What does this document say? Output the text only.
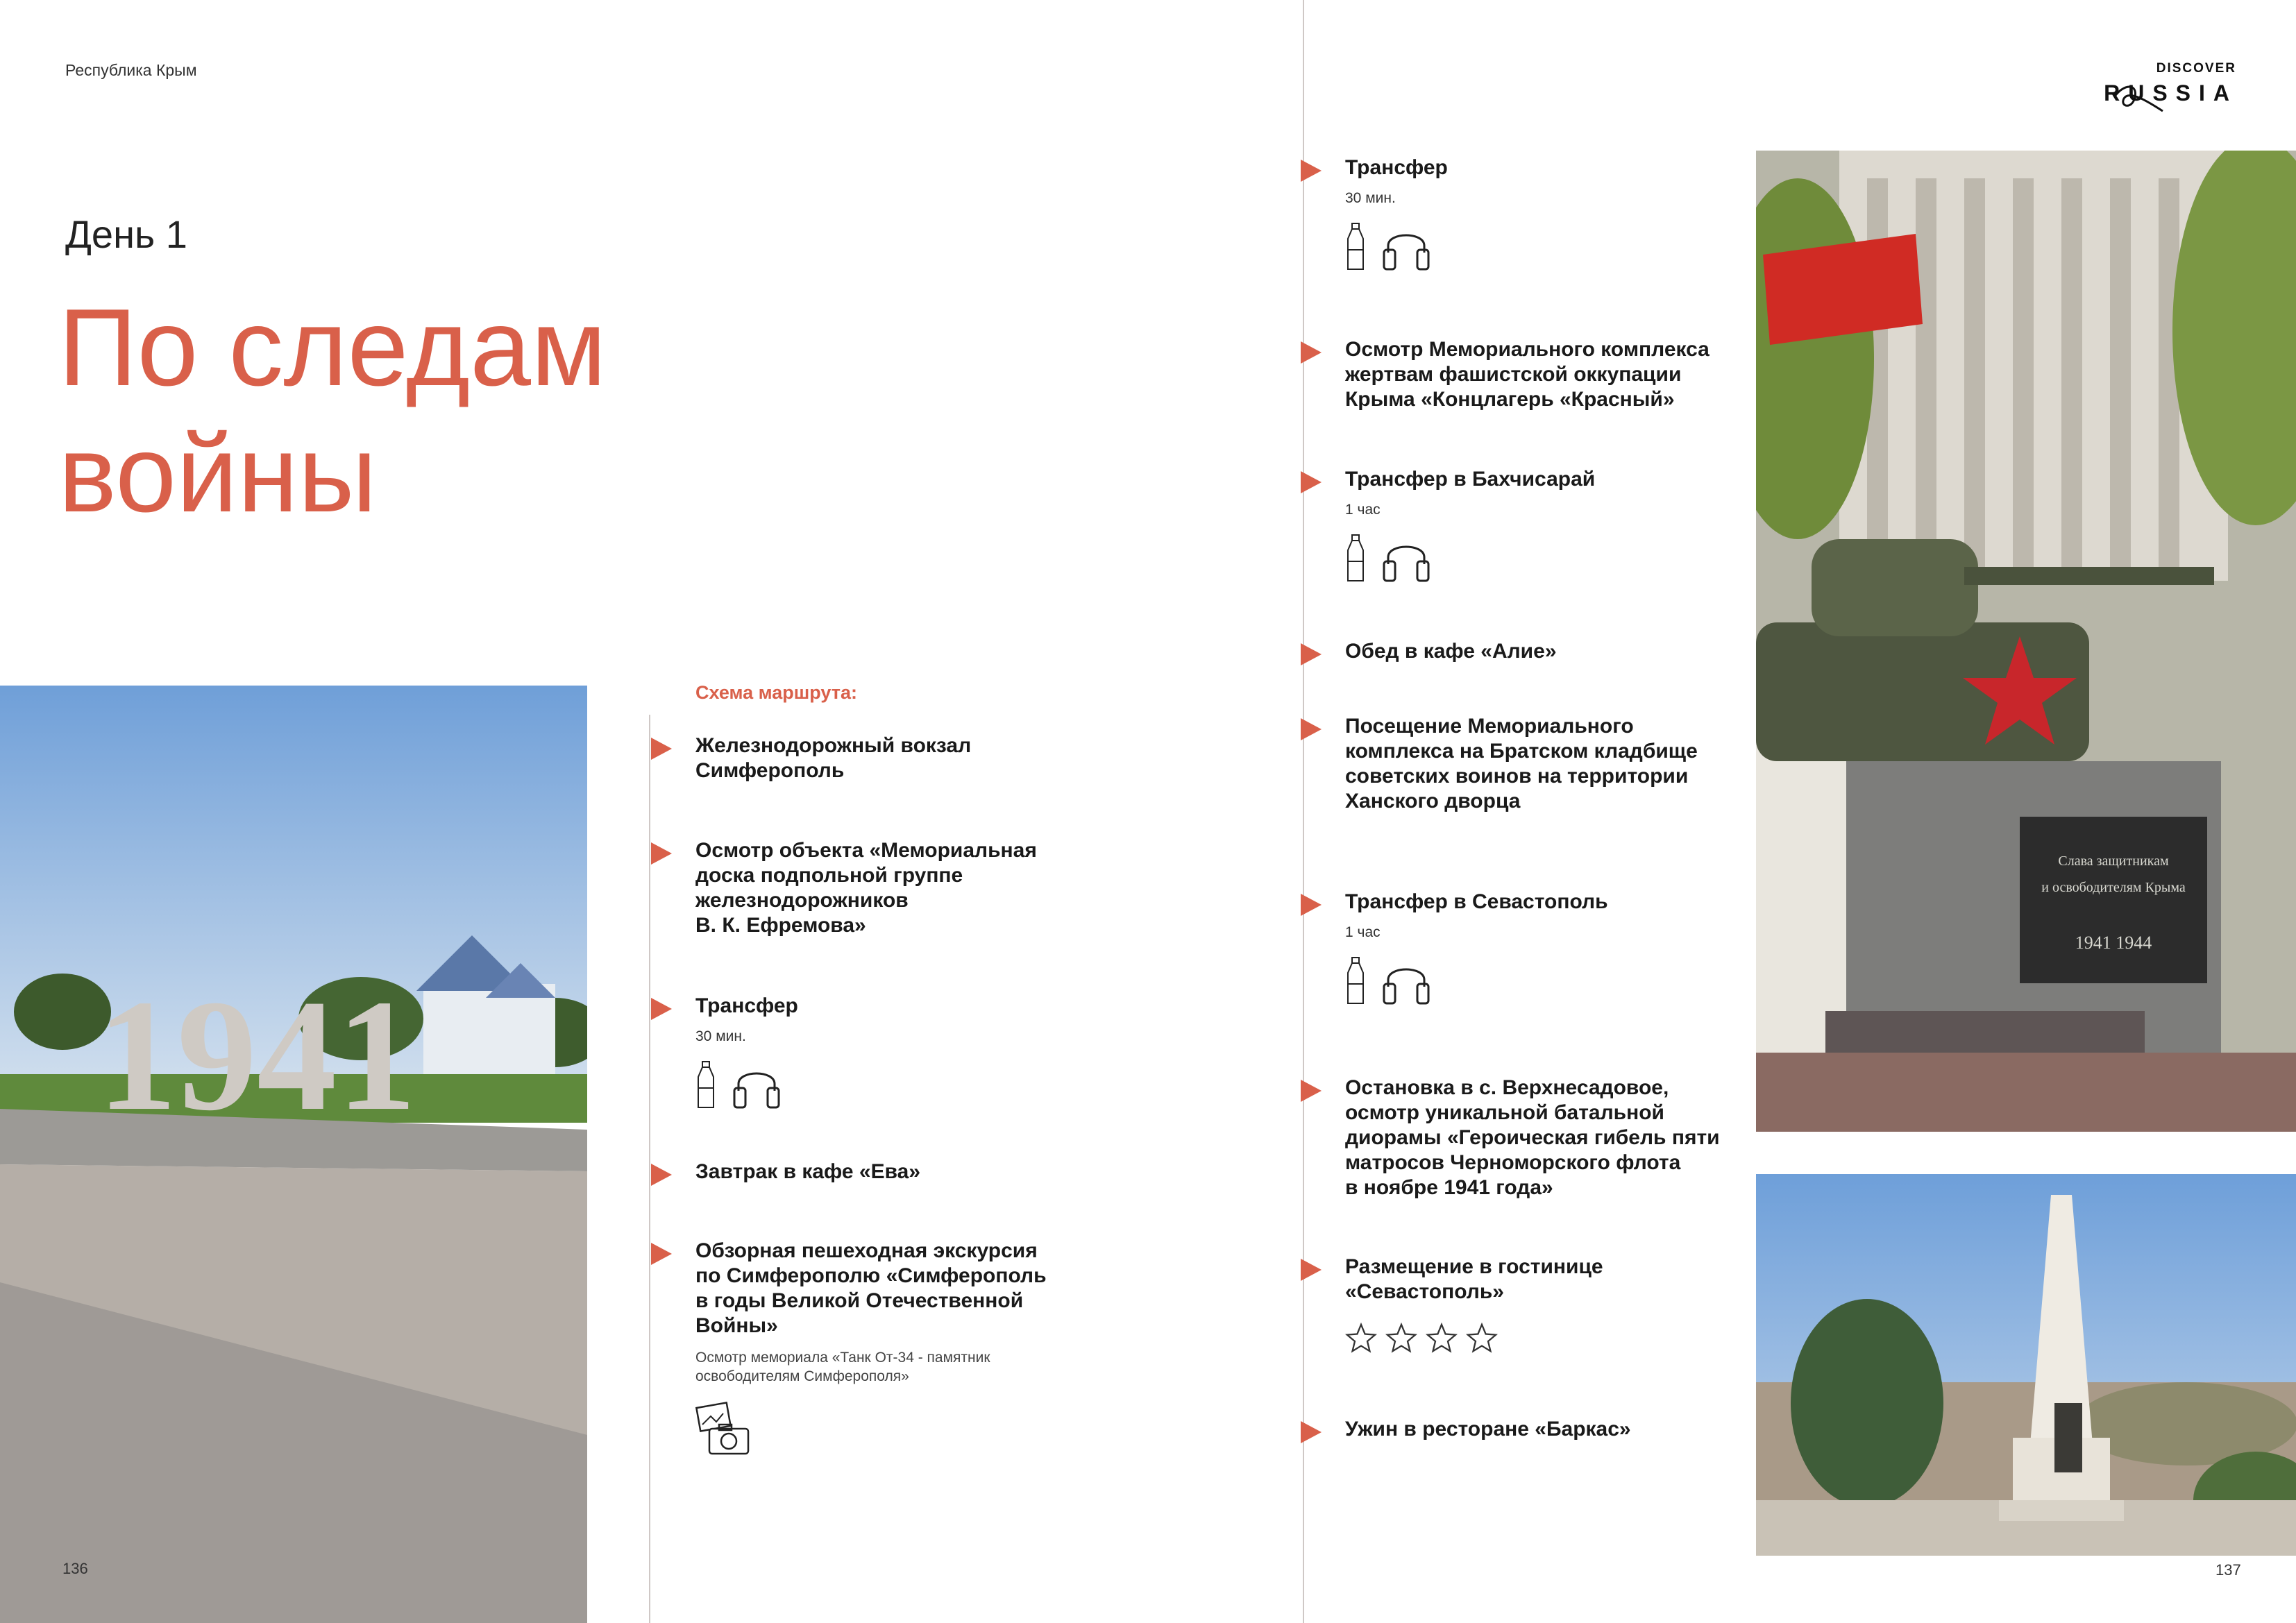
Республика Крым	DISCOVER
RUSSIA
День 1
По следам
войны
1941
136
Слава защитникам
и освободителям Крыма
1941 1944
137
Схема маршрута:
Железнодорожный вокзал
Симферополь
Осмотр объекта «Мемориальная
доска подпольной группе
железнодорожников
В. К. Ефремова»
Трансфер
30 мин.
Завтрак в кафе «Ева»
Обзорная пешеходная экскурсия
по Симферополю «Симферополь
в годы Великой Отечественной
Войны»
Осмотр мемориала «Танк От-34 - памятник
освободителям Симферополя»
Трансфер
30 мин.
Осмотр Мемориального комплекса
жертвам фашистской оккупации
Крыма «Концлагерь «Красный»
Трансфер в Бахчисарай
1 час
Обед в кафе «Алие»
Посещение Мемориального
комплекса на Братском кладбище
советских воинов на территории
Ханского дворца
Трансфер в Севастополь
1 час
Остановка в с. Верхнесадовое,
осмотр уникальной батальной
диорамы «Героическая гибель пяти
матросов Черноморского флота
в ноябре 1941 года»
Размещение в гостинице
«Севастополь»
Ужин в ресторане «Баркас»
